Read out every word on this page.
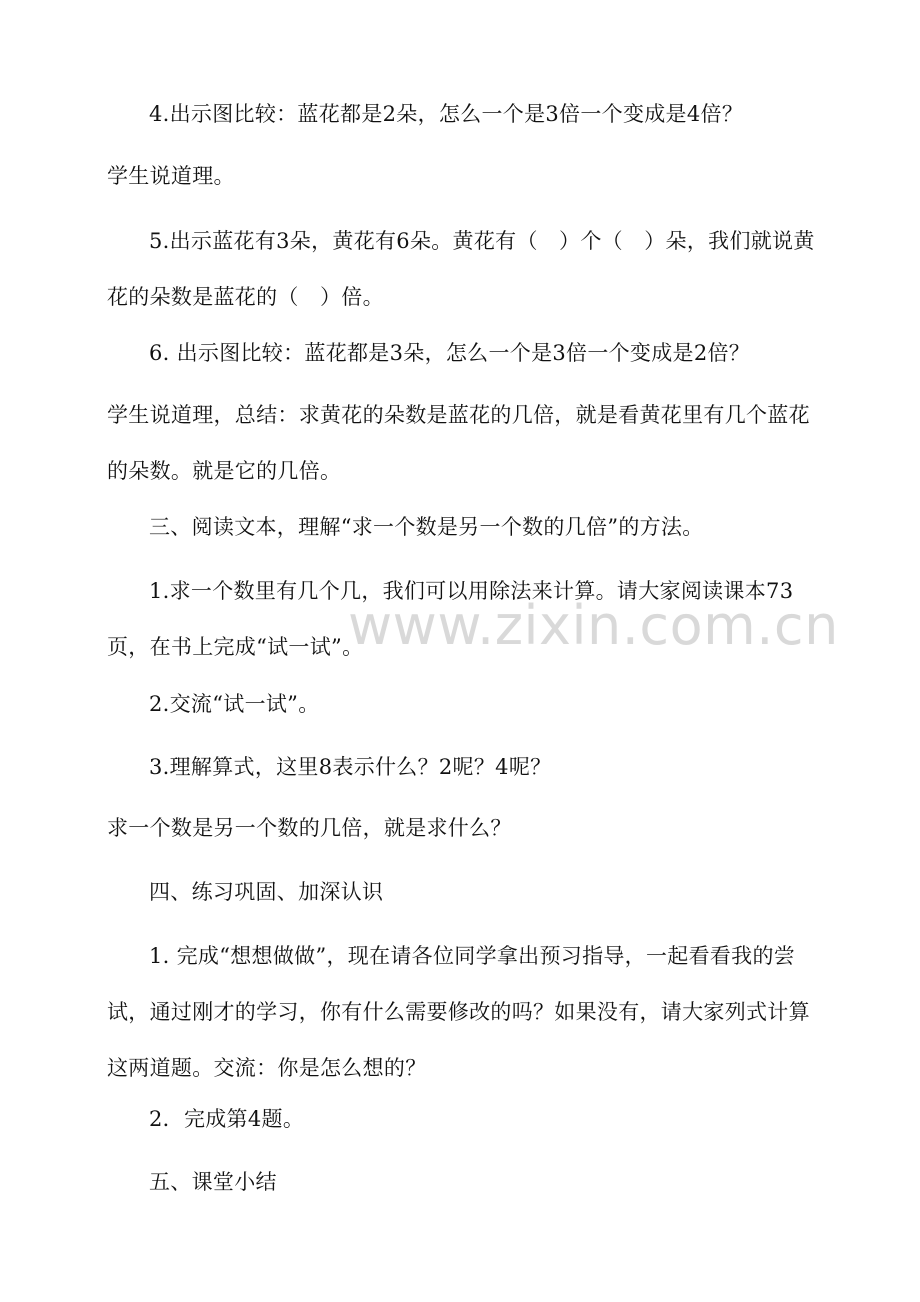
4.出示图比较：蓝花都是2朵，怎么一个是3倍一个变成是4倍？

学生说道理。

5.出示蓝花有3朵，黄花有6朵。黄花有（　）个（　）朵，我们就说黄花的朵数是蓝花的（　）倍。

6. 出示图比较：蓝花都是3朵，怎么一个是3倍一个变成是2倍？

学生说道理，总结：求黄花的朵数是蓝花的几倍，就是看黄花里有几个蓝花的朵数。就是它的几倍。

三、阅读文本，理解“求一个数是另一个数的几倍”的方法。

1.求一个数里有几个几，我们可以用除法来计算。请大家阅读课本73页，在书上完成“试一试”。

2.交流“试一试”。

3.理解算式，这里8表示什么？2呢？4呢？

求一个数是另一个数的几倍，就是求什么？

四、练习巩固、加深认识

1. 完成“想想做做”，现在请各位同学拿出预习指导，一起看看我的尝试，通过刚才的学习，你有什么需要修改的吗？如果没有，请大家列式计算这两道题。交流：你是怎么想的？

2．完成第4题。

五、课堂小结

www.zixin.com.cn
